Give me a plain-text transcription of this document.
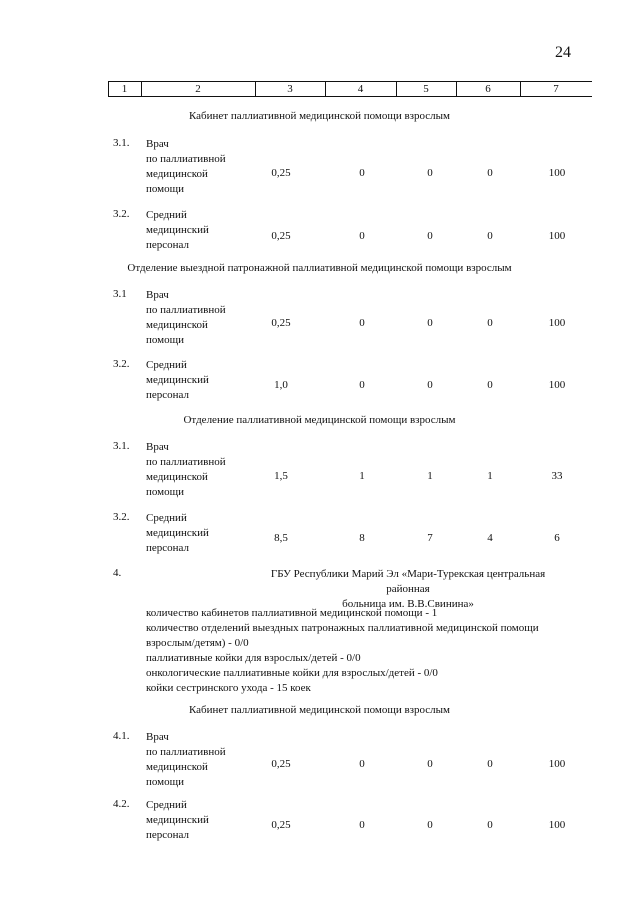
24
1	2	3	4	5	6	7
Кабинет паллиативной медицинской помощи взрослым
3.1. Врач
по паллиативной
медицинской
помощи
0,25	0	0	0	100
3.2. Средний
медицинский
персонал
0,25	0	0	0	100
Отделение выездной патронажной паллиативной медицинской помощи взрослым
3.1 Врач
по паллиативной
медицинской
помощи
0,25	0	0	0	100
3.2. Средний
медицинский
персонал
1,0	0	0	0	100
Отделение паллиативной медицинской помощи взрослым
3.1. Врач
по паллиативной
медицинской
помощи
1,5	1	1	1	33
3.2. Средний
медицинский
персонал
8,5	8	7	4	6
4.	ГБУ Республики Марий Эл «Мари-Турекская центральная районная
больница им. В.В.Свинина»
количество кабинетов паллиативной медицинской помощи - 1
количество отделений выездных патронажных паллиативной медицинской помощи
взрослым/детям) - 0/0
паллиативные койки для взрослых/детей - 0/0
онкологические паллиативные койки для взрослых/детей - 0/0
койки сестринского ухода - 15 коек
Кабинет паллиативной медицинской помощи взрослым
4.1. Врач
по паллиативной
медицинской
помощи
0,25	0	0	0	100
4.2. Средний
медицинский
персонал
0,25	0	0	0	100
